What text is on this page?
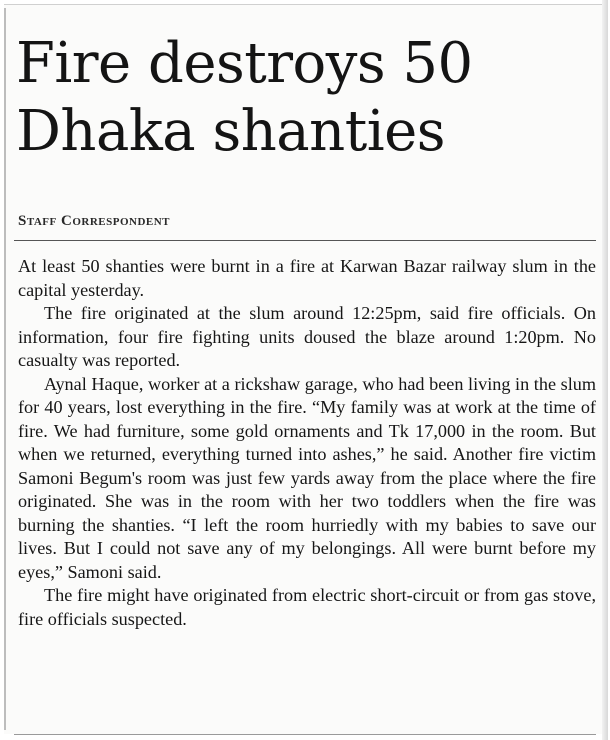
Fire destroys 50
Dhaka shanties
Staff Correspondent

At least 50 shanties were burnt in a fire at Karwan Bazar railway slum in the capital yesterday.

The fire originated at the slum around 12:25pm, said fire officials. On information, four fire fighting units doused the blaze around 1:20pm. No casualty was reported.

Aynal Haque, worker at a rickshaw garage, who had been living in the slum for 40 years, lost everything in the fire. “My family was at work at the time of fire. We had furniture, some gold ornaments and Tk 17,000 in the room. But when we returned, everything turned into ashes,” he said. Another fire victim Samoni Begum's room was just few yards away from the place where the fire originated. She was in the room with her two toddlers when the fire was burning the shanties. “I left the room hurriedly with my babies to save our lives. But I could not save any of my belongings. All were burnt before my eyes,” Samoni said.

The fire might have originated from electric short-circuit or from gas stove, fire officials suspected.
